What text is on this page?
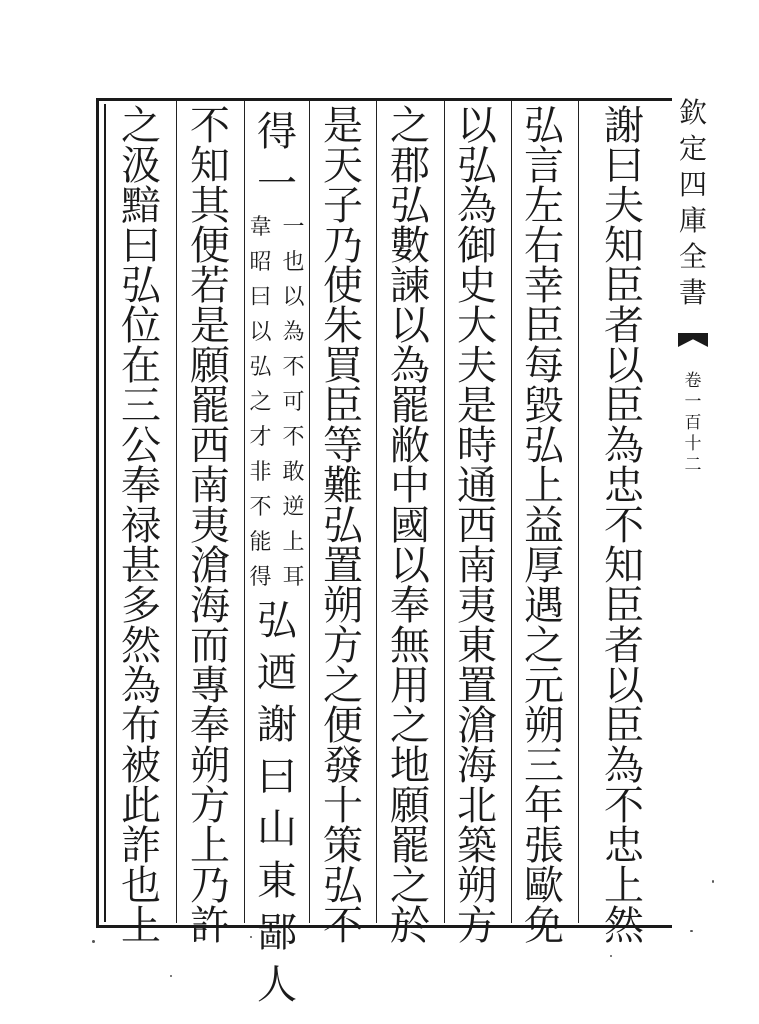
謝
曰
夫
知
臣
者
以
臣
為
忠
不
知
臣
者
以
臣
為
不
忠
上
然
弘
言
左
右
幸
臣
每
毀
弘
上
益
厚
遇
之
元
朔
三
年
張
歐
免
以
弘
為
御
史
大
夫
是
時
通
西
南
夷
東
置
滄
海
北
築
朔
方
之
郡
弘
數
諫
以
為
罷
敝
中
國
以
奉
無
用
之
地
願
罷
之
於
是
天
子
乃
使
朱
買
臣
等
難
弘
置
朔
方
之
便
發
十
策
弘
不
得
一
韋
昭
曰
以
弘
之
才
非
不
能
得
一
也
以
為
不
可
不
敢
逆
上
耳
弘
迺
謝
曰
山
東
鄙
人
不
知
其
便
若
是
願
罷
西
南
夷
滄
海
而
專
奉
朔
方
上
乃
許
之
汲
黯
曰
弘
位
在
三
公
奉
禄
甚
多
然
為
布
被
此
詐
也
上
欽
定
四
庫
全
書
卷
一
百
十
二
